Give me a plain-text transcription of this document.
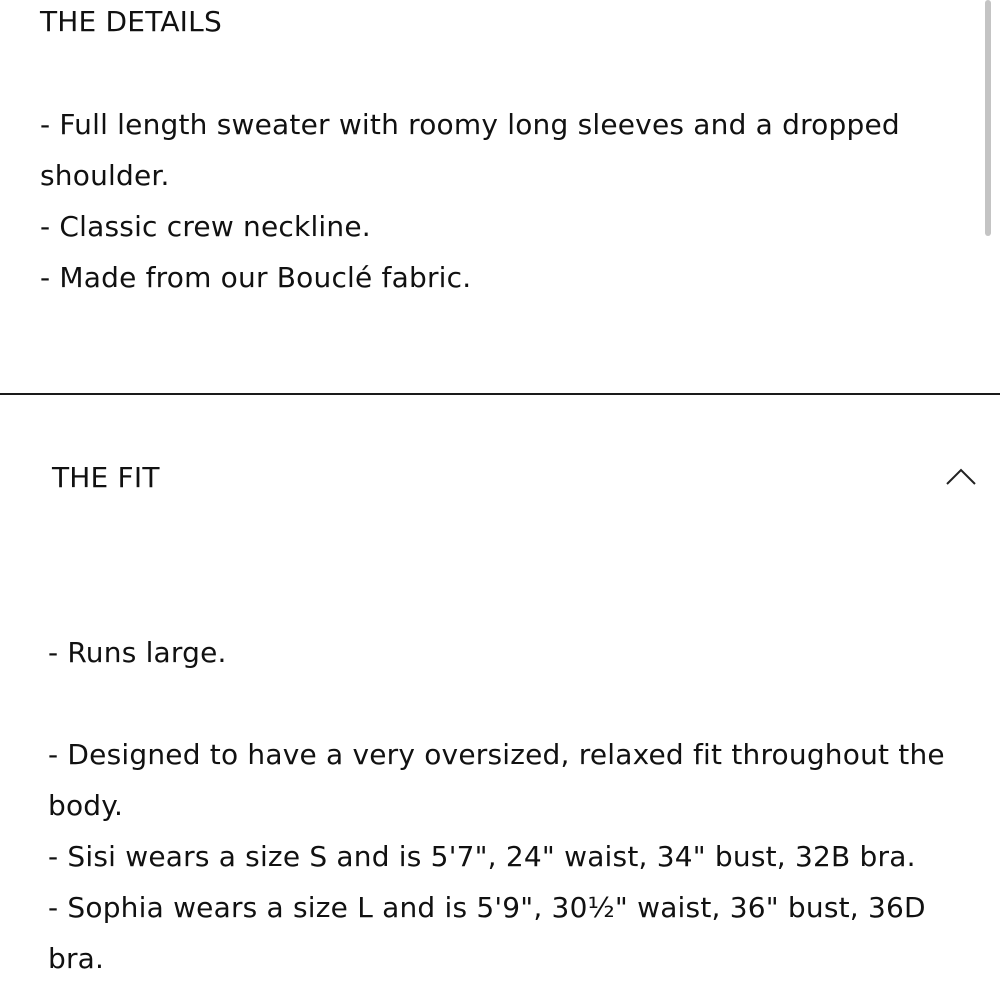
THE DETAILS

- Full length sweater with roomy long sleeves and a dropped
shoulder.
- Classic crew neckline.
- Made from our Bouclé fabric.

THE FIT

- Runs large.

- Designed to have a very oversized, relaxed fit throughout the
body.
- Sisi wears a size S and is 5'7", 24" waist, 34" bust, 32B bra.
- Sophia wears a size L and is 5'9", 30½" waist, 36" bust, 36D
bra.
